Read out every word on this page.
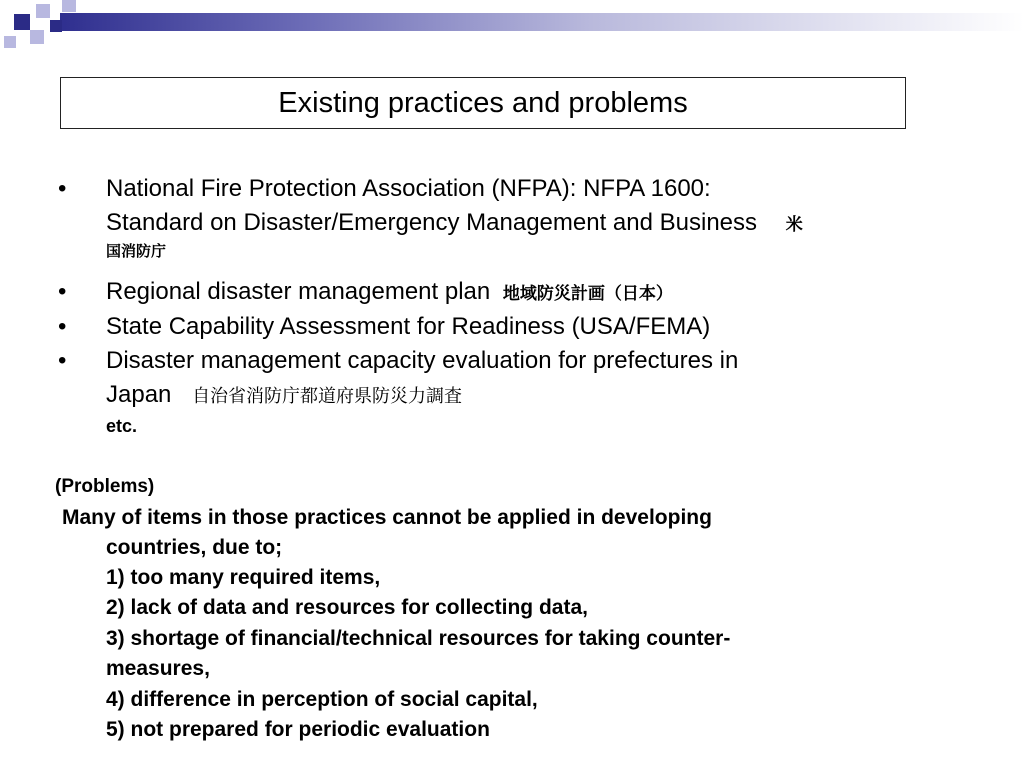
Existing practices and problems
• National Fire Protection Association (NFPA): NFPA 1600:
Standard on Disaster/Emergency Management and Business 米
国消防庁
• Regional disaster management plan 地域防災計画（日本）
• State Capability Assessment for Readiness (USA/FEMA)
• Disaster management capacity evaluation for prefectures in
Japan 自治省消防庁都道府県防災力調査
etc.
(Problems)
Many of items in those practices cannot be applied in developing
countries, due to;
1) too many required items,
2) lack of data and resources for collecting data,
3) shortage of financial/technical resources for taking counter-
measures,
4) difference in perception of social capital,
5) not prepared for periodic evaluation
